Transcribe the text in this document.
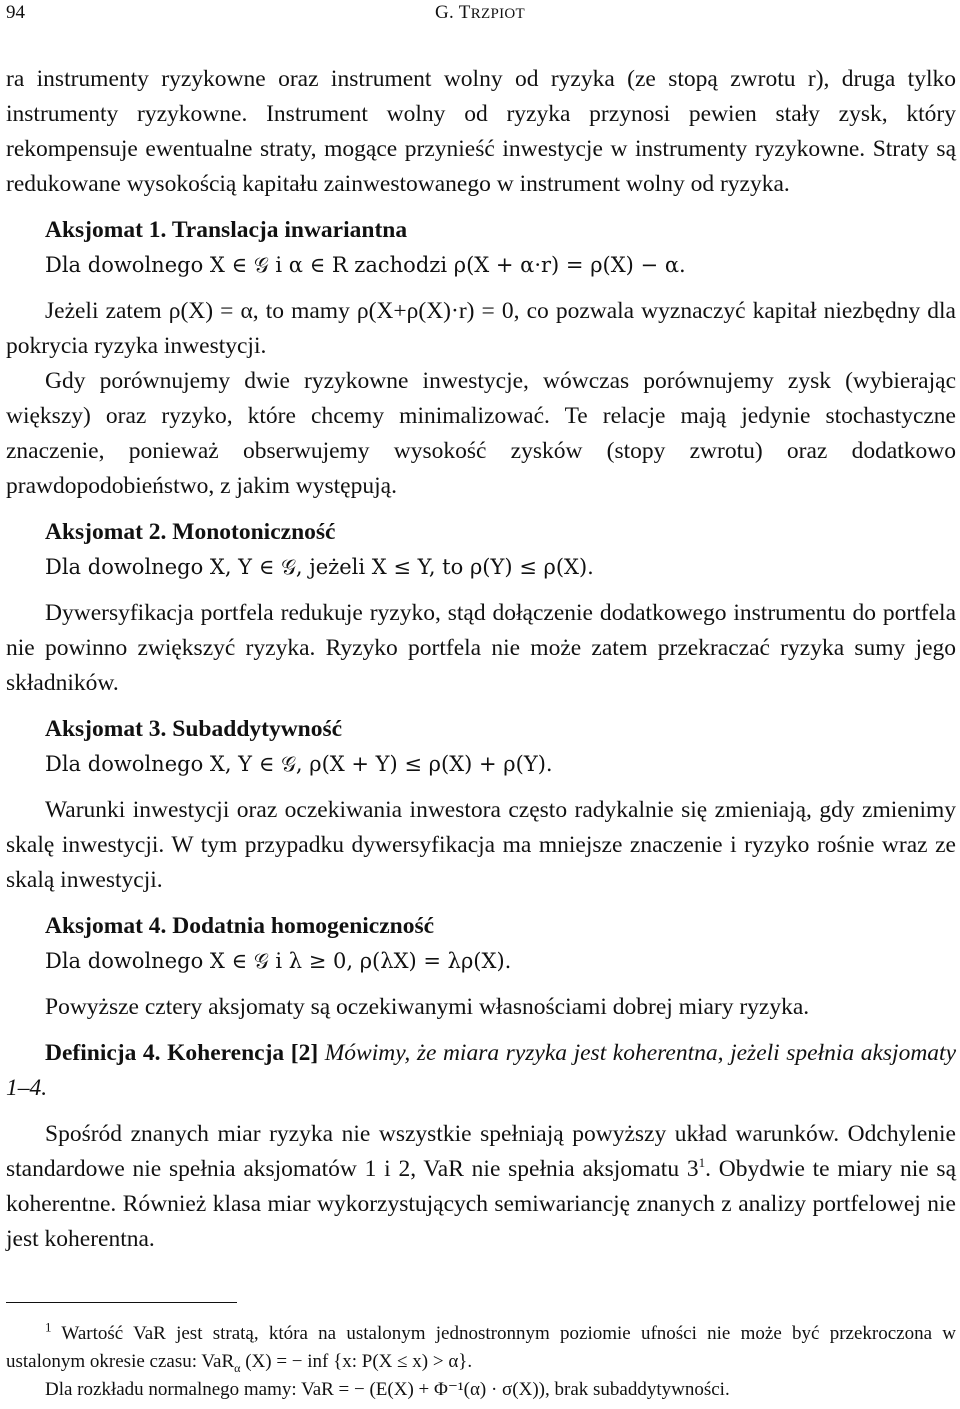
94	G. TRZPIOT

ra instrumenty ryzykowne oraz instrument wolny od ryzyka (ze stopą zwrotu r), druga tylko instrumenty ryzykowne. Instrument wolny od ryzyka przynosi pewien stały zysk, który rekompensuje ewentualne straty, mogące przynieść inwestycje w instrumenty ryzykowne. Straty są redukowane wysokością kapitału zainwestowanego w instrument wolny od ryzyka.

Aksjomat 1. Translacja inwariantna
Dla dowolnego X ∈ 𝒢 i α ∈ R zachodzi ρ(X + α·r) = ρ(X) − α.

Jeżeli zatem ρ(X) = α, to mamy ρ(X+ρ(X)·r) = 0, co pozwala wyznaczyć kapitał niezbędny dla pokrycia ryzyka inwestycji.

Gdy porównujemy dwie ryzykowne inwestycje, wówczas porównujemy zysk (wybierając większy) oraz ryzyko, które chcemy minimalizować. Te relacje mają jedynie stochastyczne znaczenie, ponieważ obserwujemy wysokość zysków (stopy zwrotu) oraz dodatkowo prawdopodobieństwo, z jakim występują.

Aksjomat 2. Monotoniczność
Dla dowolnego X, Y ∈ 𝒢, jeżeli X ≤ Y, to ρ(Y) ≤ ρ(X).

Dywersyfikacja portfela redukuje ryzyko, stąd dołączenie dodatkowego instrumentu do portfela nie powinno zwiększyć ryzyka. Ryzyko portfela nie może zatem przekraczać ryzyka sumy jego składników.

Aksjomat 3. Subaddytywność
Dla dowolnego X, Y ∈ 𝒢, ρ(X + Y) ≤ ρ(X) + ρ(Y).

Warunki inwestycji oraz oczekiwania inwestora często radykalnie się zmieniają, gdy zmienimy skalę inwestycji. W tym przypadku dywersyfikacja ma mniejsze znaczenie i ryzyko rośnie wraz ze skalą inwestycji.

Aksjomat 4. Dodatnia homogeniczność
Dla dowolnego X ∈ 𝒢 i λ ≥ 0, ρ(λX) = λρ(X).

Powyższe cztery aksjomaty są oczekiwanymi własnościami dobrej miary ryzyka.

Definicja 4. Koherencja [2] Mówimy, że miara ryzyka jest koherentna, jeżeli spełnia aksjomaty 1–4.

Spośród znanych miar ryzyka nie wszystkie spełniają powyższy układ warunków. Odchylenie standardowe nie spełnia aksjomatów 1 i 2, VaR nie spełnia aksjomatu $3^1$. Obydwie te miary nie są koherentne. Również klasa miar wykorzystujących semiwariancję znanych z analizy portfelowej nie jest koherentna.

$^1$ Wartość VaR jest stratą, która na ustalonym jednostronnym poziomie ufności nie może być przekroczona w ustalonym okresie czasu: VaR$_\alpha$ (X) = − inf {x: P(X ≤ x) > α}.

Dla rozkładu normalnego mamy: VaR = − (E(X) + Φ⁻¹(α) · σ(X)), brak subaddytywności.
